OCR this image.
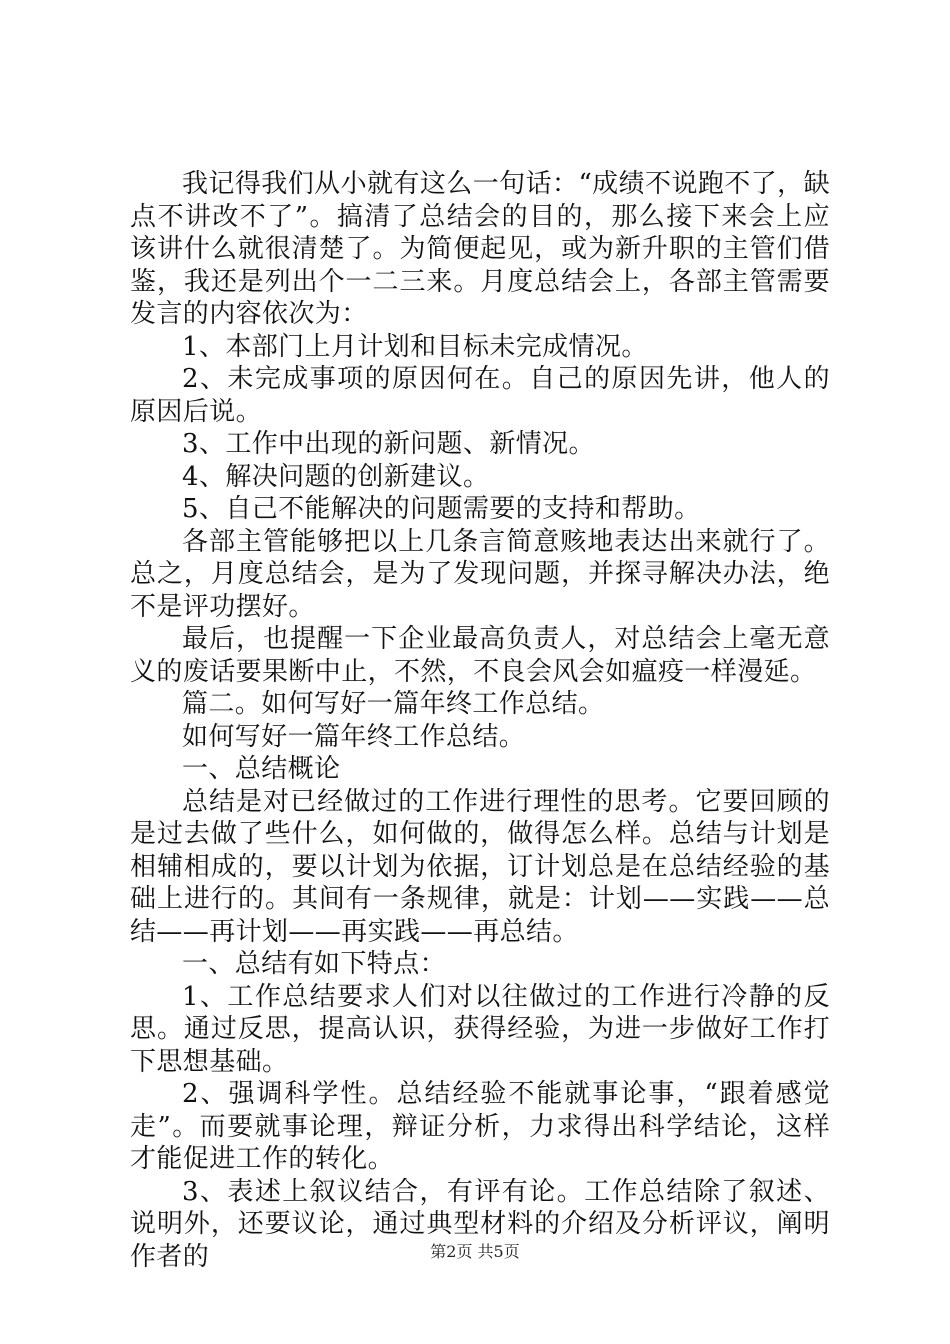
我记得我们从小就有这么一句话：“成绩不说跑不了，缺点不讲改不了”。搞清了总结会的目的，那么接下来会上应该讲什么就很清楚了。为简便起见，或为新升职的主管们借鉴，我还是列出个一二三来。月度总结会上，各部主管需要发言的内容依次为：

1、本部门上月计划和目标未完成情况。

2、未完成事项的原因何在。自己的原因先讲，他人的原因后说。

3、工作中出现的新问题、新情况。

4、解决问题的创新建议。

5、自己不能解决的问题需要的支持和帮助。

各部主管能够把以上几条言简意赅地表达出来就行了。总之，月度总结会，是为了发现问题，并探寻解决办法，绝不是评功摆好。

最后，也提醒一下企业最高负责人，对总结会上毫无意义的废话要果断中止，不然，不良会风会如瘟疫一样漫延。

篇二。如何写好一篇年终工作总结。

如何写好一篇年终工作总结。

一、总结概论

总结是对已经做过的工作进行理性的思考。它要回顾的是过去做了些什么，如何做的，做得怎么样。总结与计划是相辅相成的，要以计划为依据，订计划总是在总结经验的基础上进行的。其间有一条规律，就是：计划——实践——总结——再计划——再实践——再总结。

一、总结有如下特点：

1、工作总结要求人们对以往做过的工作进行冷静的反思。通过反思，提高认识，获得经验，为进一步做好工作打下思想基础。

2、强调科学性。总结经验不能就事论事，“跟着感觉走”。而要就事论理，辩证分析，力求得出科学结论，这样才能促进工作的转化。

3、表述上叙议结合，有评有论。工作总结除了叙述、说明外，还要议论，通过典型材料的介绍及分析评议，阐明作者的	第2页 共5页
